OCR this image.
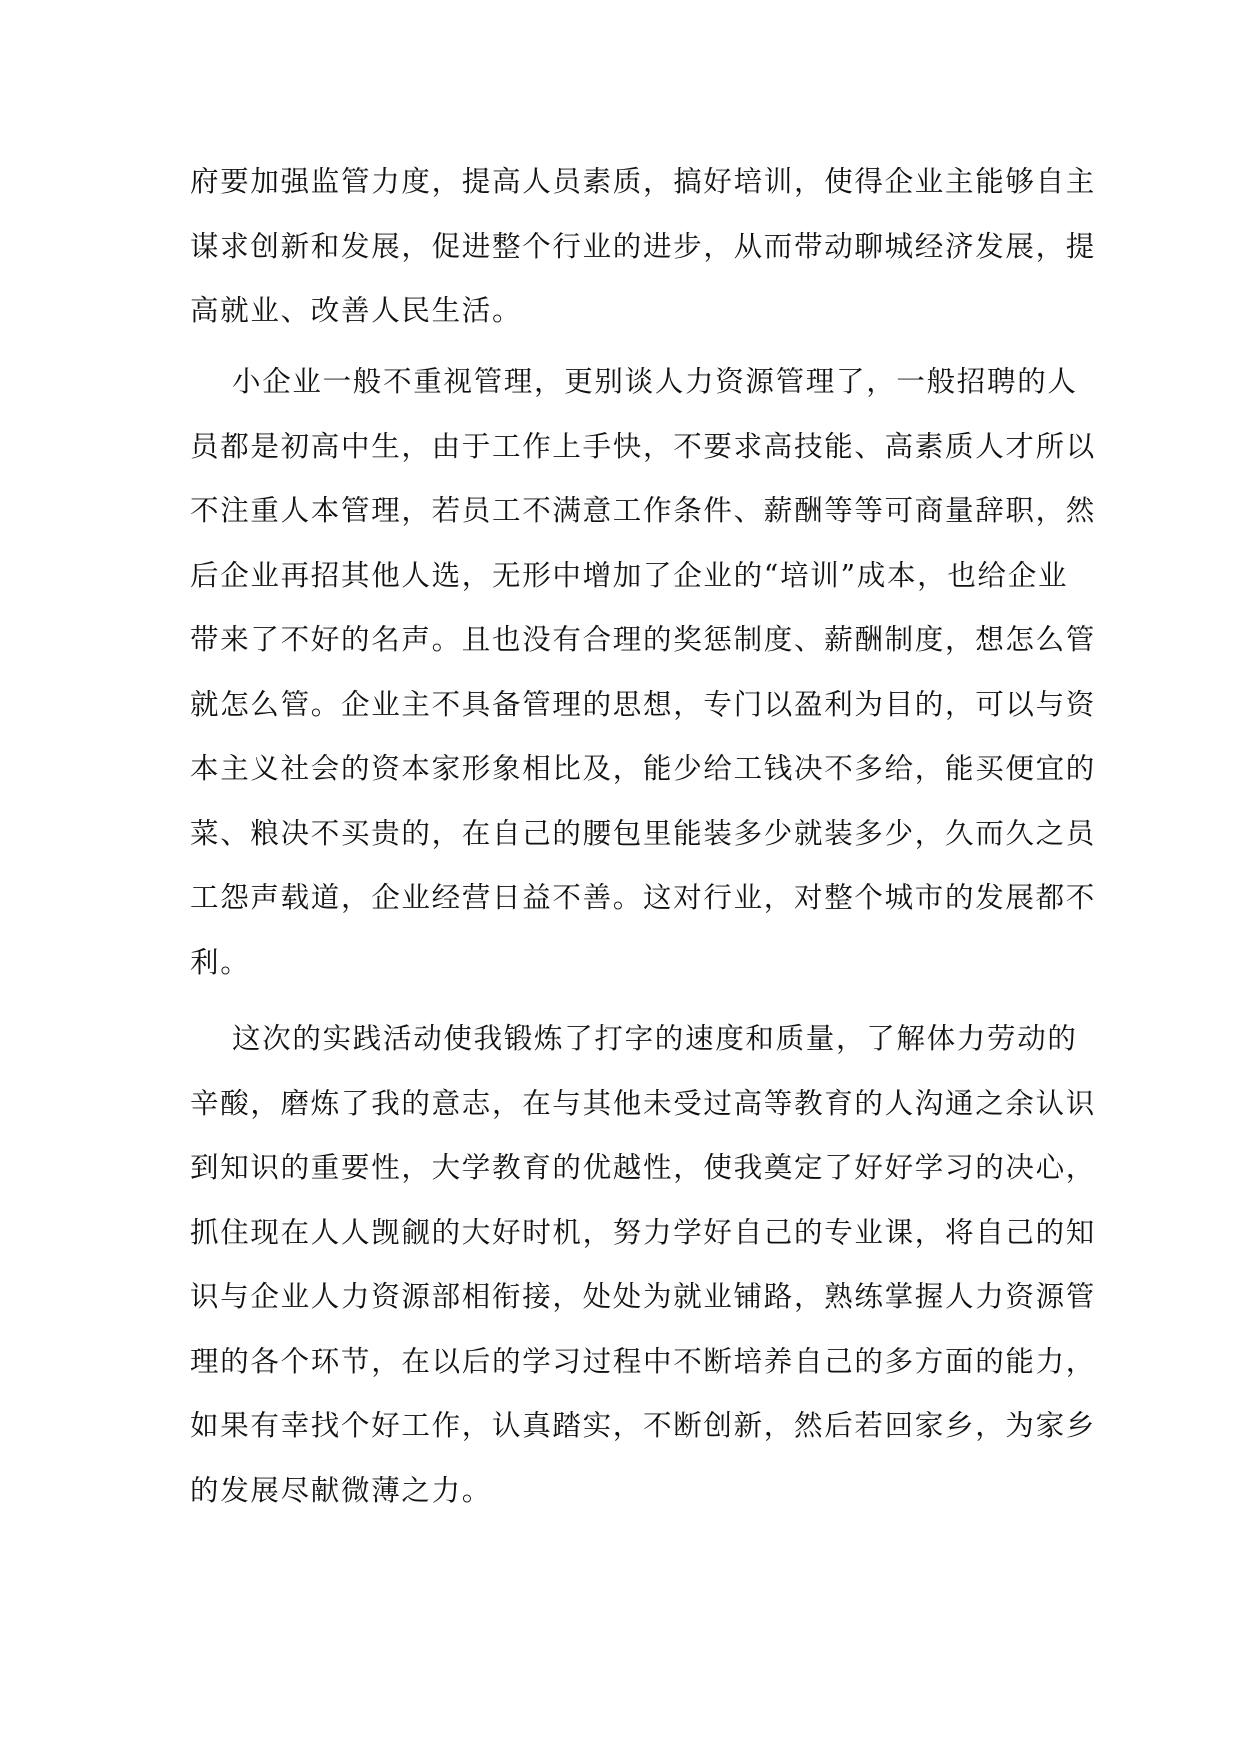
府要加强监管力度，提高人员素质，搞好培训，使得企业主能够自主
谋求创新和发展，促进整个行业的进步，从而带动聊城经济发展，提
高就业、改善人民生活。
小企业一般不重视管理，更别谈人力资源管理了，一般招聘的人
员都是初高中生，由于工作上手快，不要求高技能、高素质人才所以
不注重人本管理，若员工不满意工作条件、薪酬等等可商量辞职，然
后企业再招其他人选，无形中增加了企业的“培训”成本，也给企业
带来了不好的名声。且也没有合理的奖惩制度、薪酬制度，想怎么管
就怎么管。企业主不具备管理的思想，专门以盈利为目的，可以与资
本主义社会的资本家形象相比及，能少给工钱决不多给，能买便宜的
菜、粮决不买贵的，在自己的腰包里能装多少就装多少，久而久之员
工怨声载道，企业经营日益不善。这对行业，对整个城市的发展都不
利。
这次的实践活动使我锻炼了打字的速度和质量，了解体力劳动的
辛酸，磨炼了我的意志，在与其他未受过高等教育的人沟通之余认识
到知识的重要性，大学教育的优越性，使我奠定了好好学习的决心，
抓住现在人人觊觎的大好时机，努力学好自己的专业课，将自己的知
识与企业人力资源部相衔接，处处为就业铺路，熟练掌握人力资源管
理的各个环节，在以后的学习过程中不断培养自己的多方面的能力，
如果有幸找个好工作，认真踏实，不断创新，然后若回家乡，为家乡
的发展尽献微薄之力。
